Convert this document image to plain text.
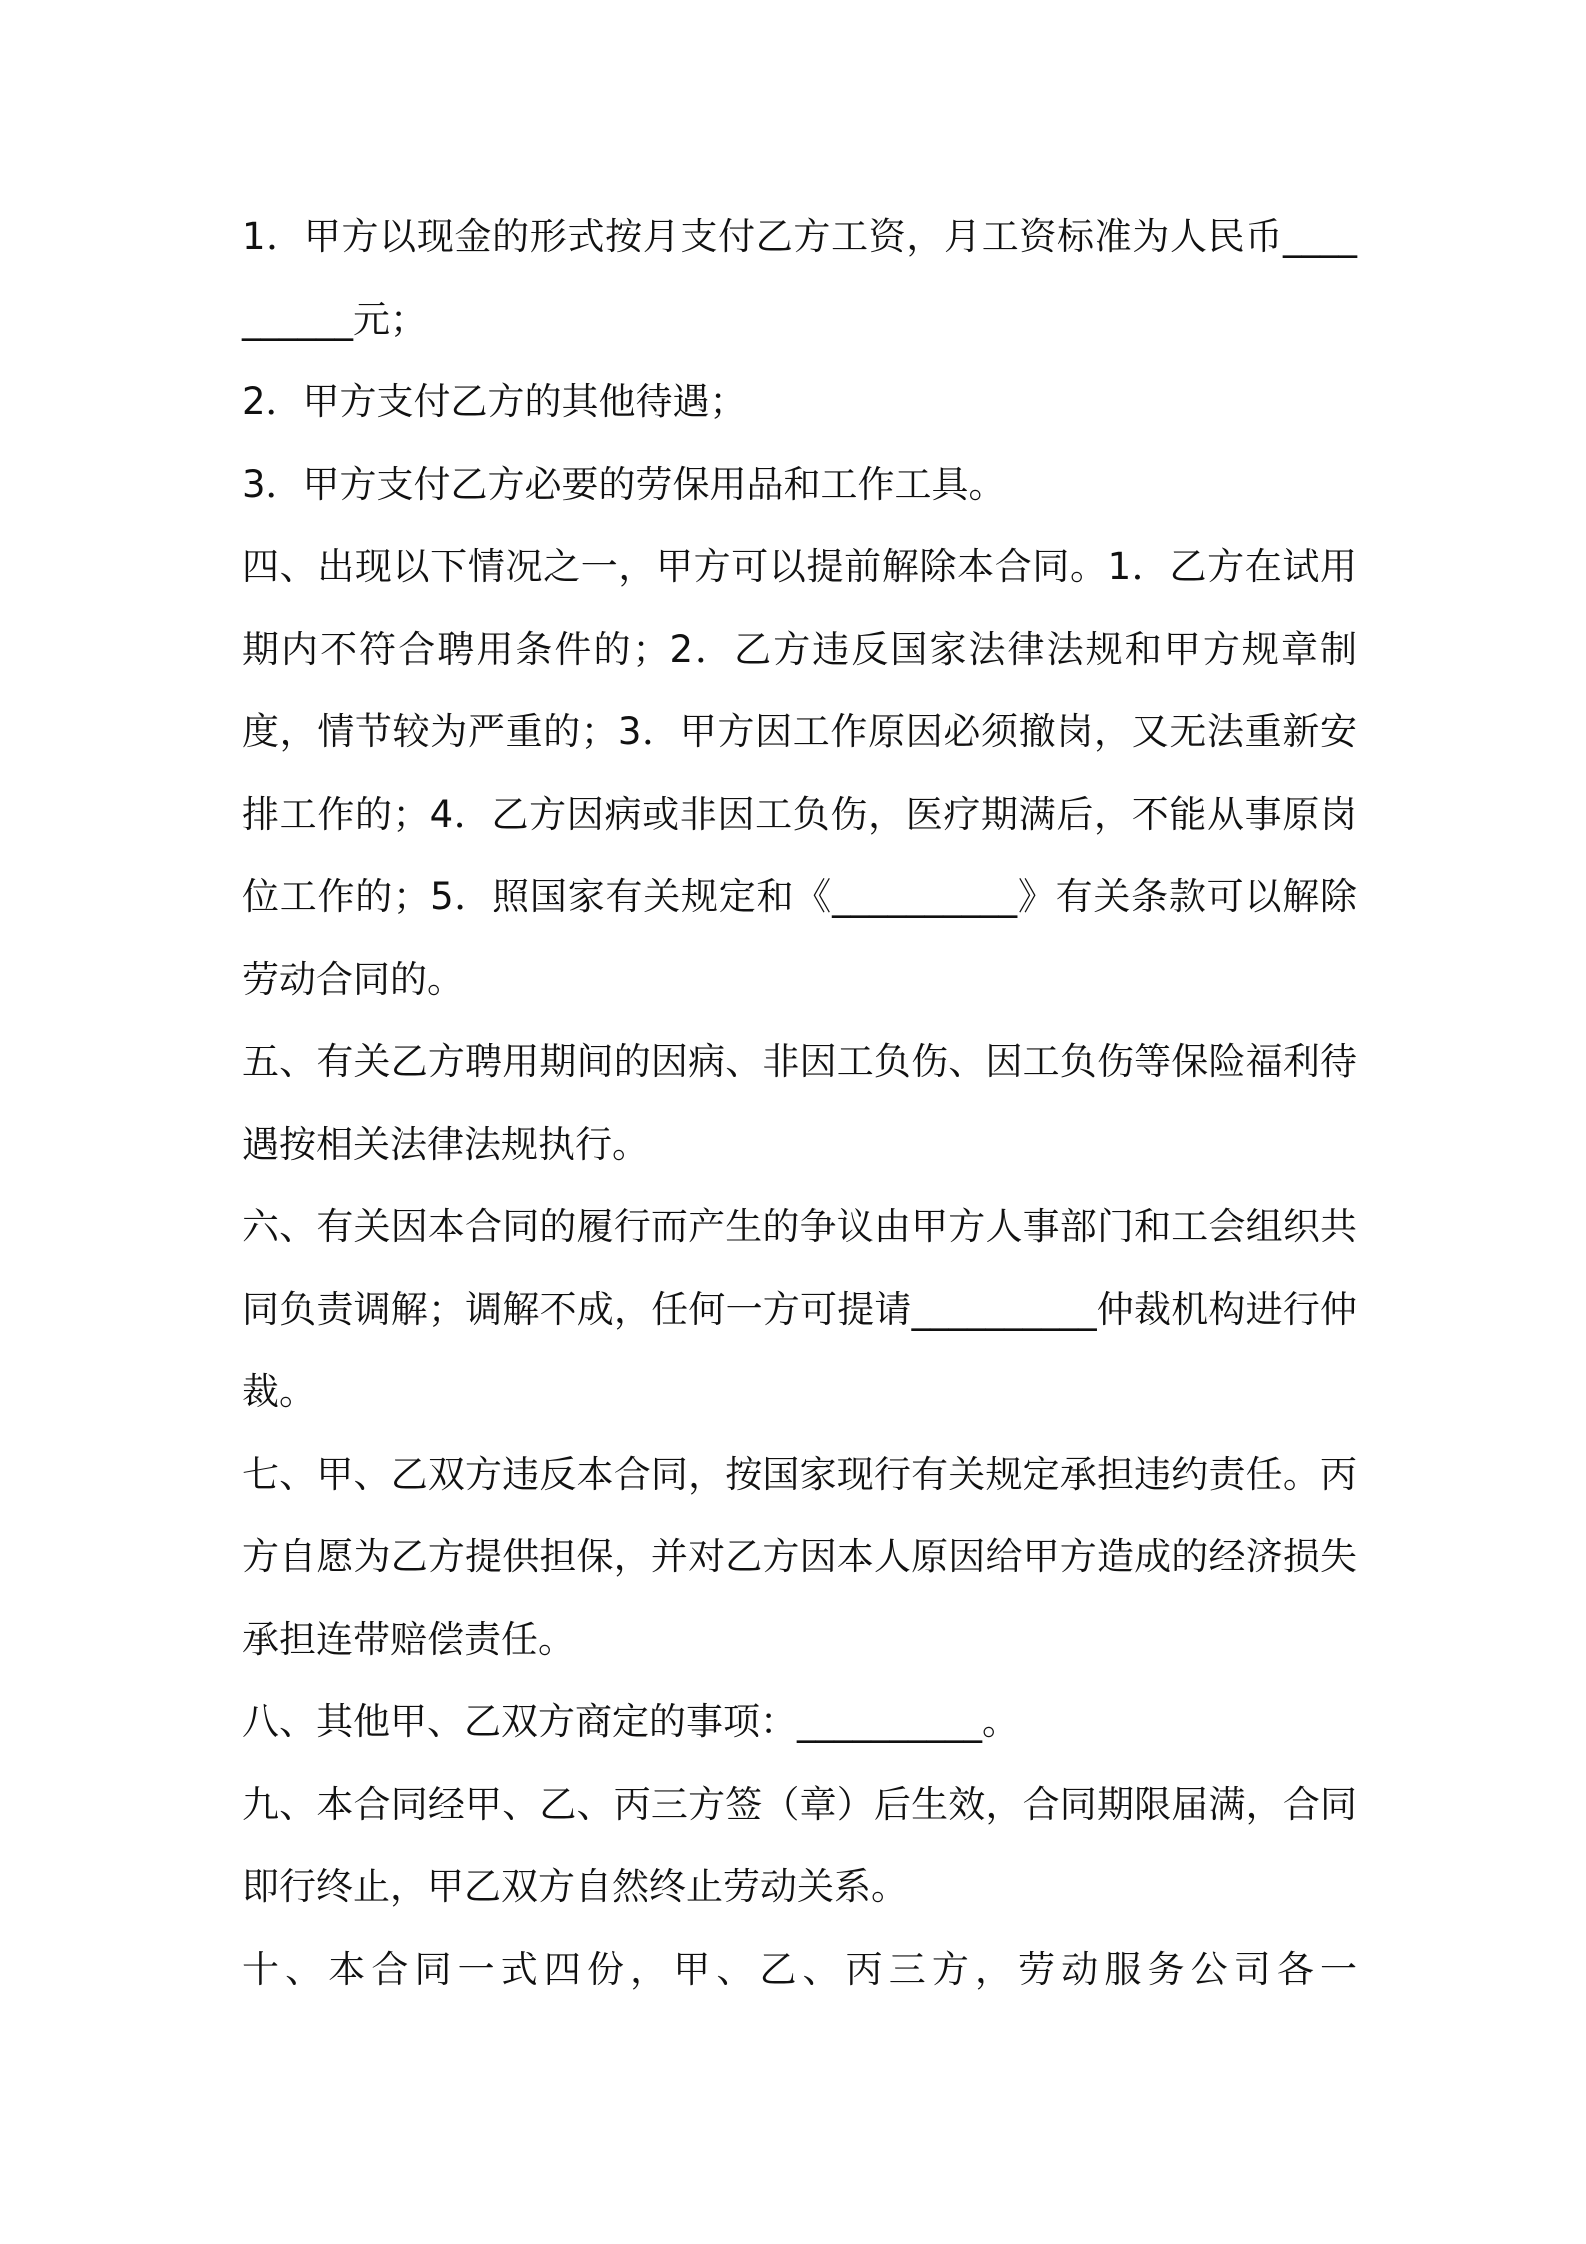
1．甲方以现金的形式按月支付乙方工资，月工资标准为人民币__________元；

2．甲方支付乙方的其他待遇；

3．甲方支付乙方必要的劳保用品和工作工具。

四、出现以下情况之一，甲方可以提前解除本合同。1．乙方在试用期内不符合聘用条件的；2．乙方违反国家法律法规和甲方规章制度，情节较为严重的；3．甲方因工作原因必须撤岗，又无法重新安排工作的；4．乙方因病或非因工负伤，医疗期满后，不能从事原岗位工作的；5．照国家有关规定和《__________》有关条款可以解除劳动合同的。

五、有关乙方聘用期间的因病、非因工负伤、因工负伤等保险福利待遇按相关法律法规执行。

六、有关因本合同的履行而产生的争议由甲方人事部门和工会组织共同负责调解；调解不成，任何一方可提请__________仲裁机构进行仲裁。

七、甲、乙双方违反本合同，按国家现行有关规定承担违约责任。丙方自愿为乙方提供担保，并对乙方因本人原因给甲方造成的经济损失承担连带赔偿责任。

八、其他甲、乙双方商定的事项：__________。

九、本合同经甲、乙、丙三方签（章）后生效，合同期限届满，合同即行终止，甲乙双方自然终止劳动关系。

十、本合同一式四份，甲、乙、丙三方，劳动服务公司各一
